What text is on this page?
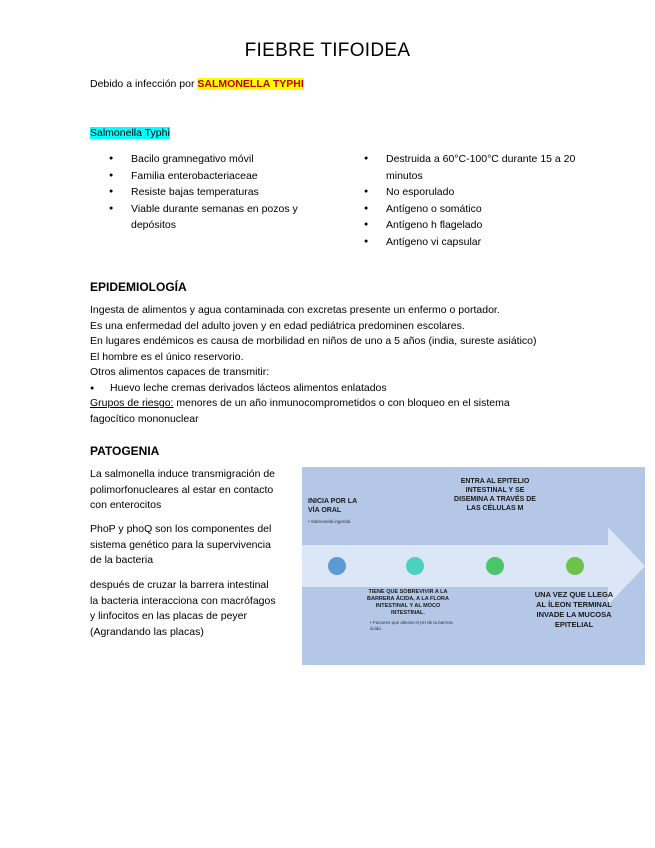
FIEBRE TIFOIDEA
Debido a infección por SALMONELLA TYPHI
Salmonella Typhi
● Bacilo gramnegativo móvil
● Familia enterobacteriaceae
● Resiste bajas temperaturas
● Viable durante semanas en pozos y depósitos
● Destruida a 60°C-100°C durante 15 a 20 minutos
● No esporulado
● Antígeno o somático
● Antígeno h flagelado
● Antígeno vi capsular
EPIDEMIOLOGÍA
Ingesta de alimentos y agua contaminada con excretas presente un enfermo o portador.
Es una enfermedad del adulto joven y en edad pediátrica predominen escolares.
En lugares endémicos es causa de morbilidad en niños de uno a 5 años (india, sureste asiático)
El hombre es el único reservorio.
Otros alimentos capaces de transmitir:
● Huevo leche cremas derivados lácteos alimentos enlatados
Grupos de riesgo: menores de un año inmunocomprometidos o con bloqueo en el sistema
fagocítico mononuclear
PATOGENIA
La salmonella induce transmigración de
polimorfonucleares al estar en contacto
con enterocitos
PhoP y phoQ son los componentes del
sistema genético para la supervivencia
de la bacteria
después de cruzar la barrera intestinal
la bacteria interacciona con macrófagos
y linfocitos en las placas de peyer
(Agrandando las placas)
INICIA POR LA VÍA ORAL
• Salmonella ingerida
TIENE QUE SOBREVIVIR A LA BARRERA ÁCIDA, A LA FLORA INTESTINAL Y AL MOCO INTESTINAL.
• Factores que alteran el pH de la barrera ácida
ENTRA AL EPITELIO INTESTINAL Y SE DISEMINA A TRAVÉS DE LAS CÉLULAS M
UNA VEZ QUE LLEGA AL ÍLEON TERMINAL INVADE LA MUCOSA EPITELIAL
